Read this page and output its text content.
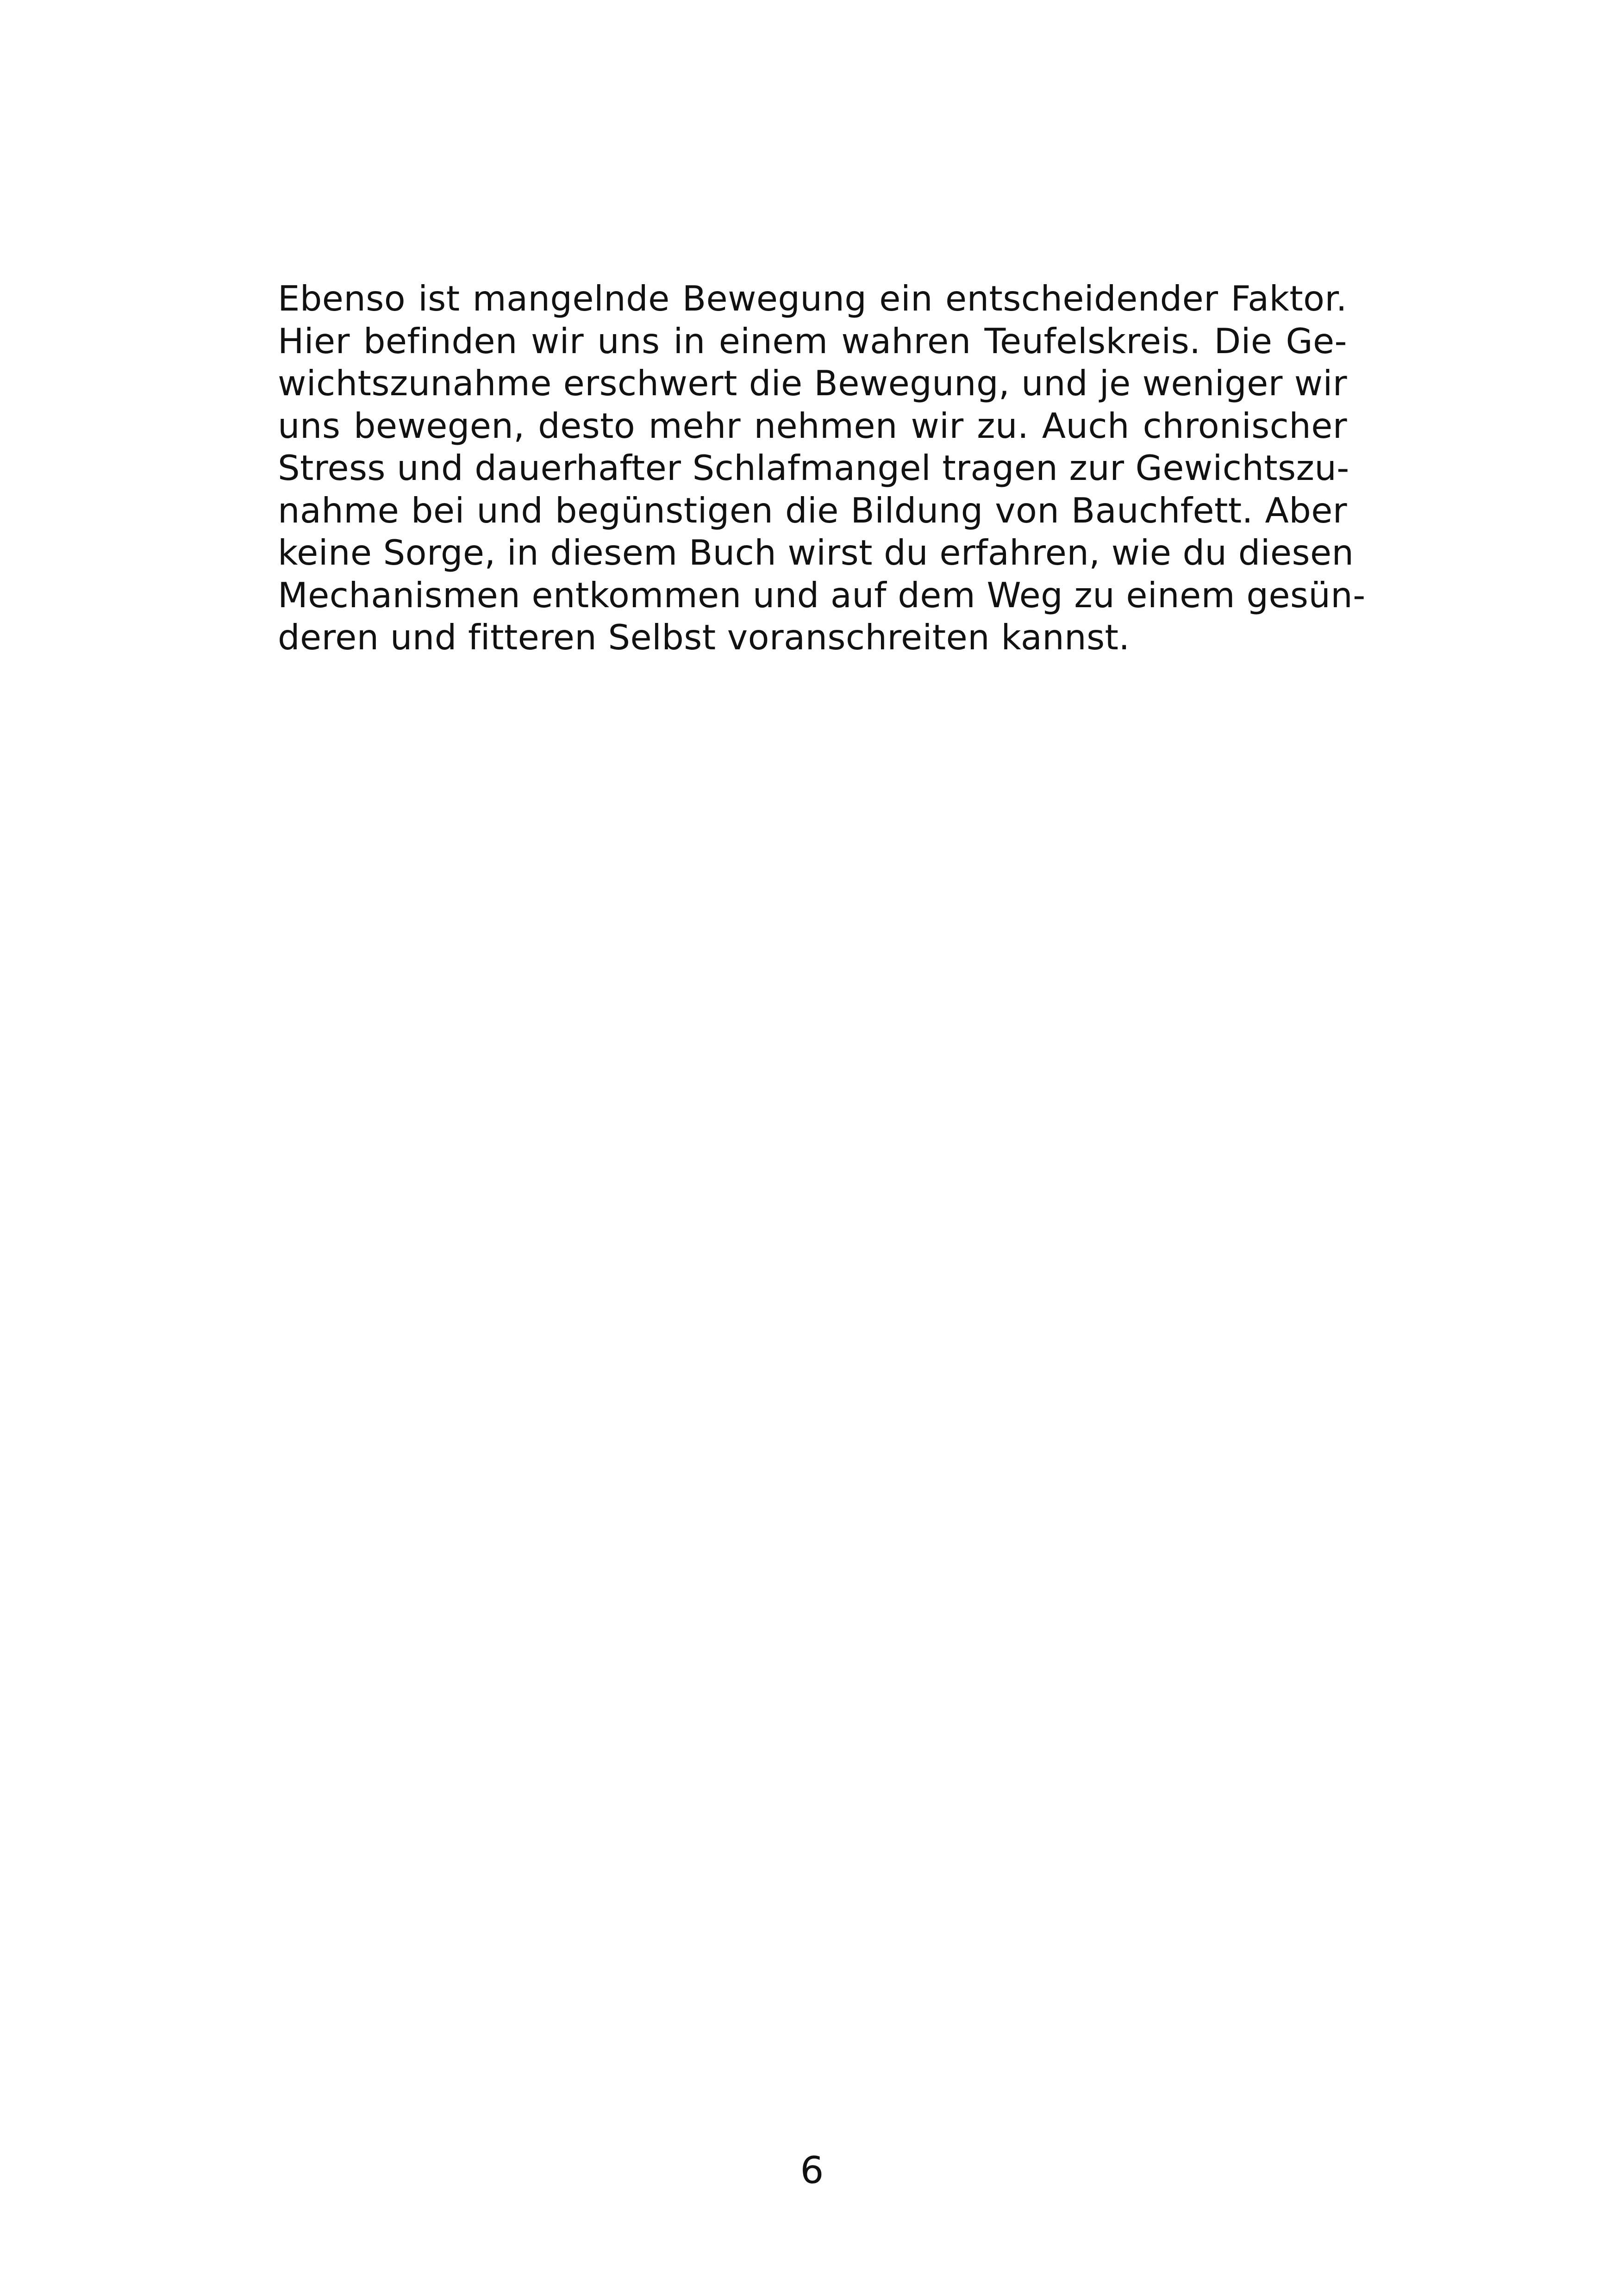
Ebenso ist mangelnde Bewegung ein entscheidender Faktor.
Hier befinden wir uns in einem wahren Teufelskreis. Die Ge-
wichtszunahme erschwert die Bewegung, und je weniger wir
uns bewegen, desto mehr nehmen wir zu. Auch chronischer
Stress und dauerhafter Schlafmangel tragen zur Gewichtszu-
nahme bei und begünstigen die Bildung von Bauchfett. Aber
keine Sorge, in diesem Buch wirst du erfahren, wie du diesen
Mechanismen entkommen und auf dem Weg zu einem gesün-
deren und fitteren Selbst voranschreiten kannst.
6
